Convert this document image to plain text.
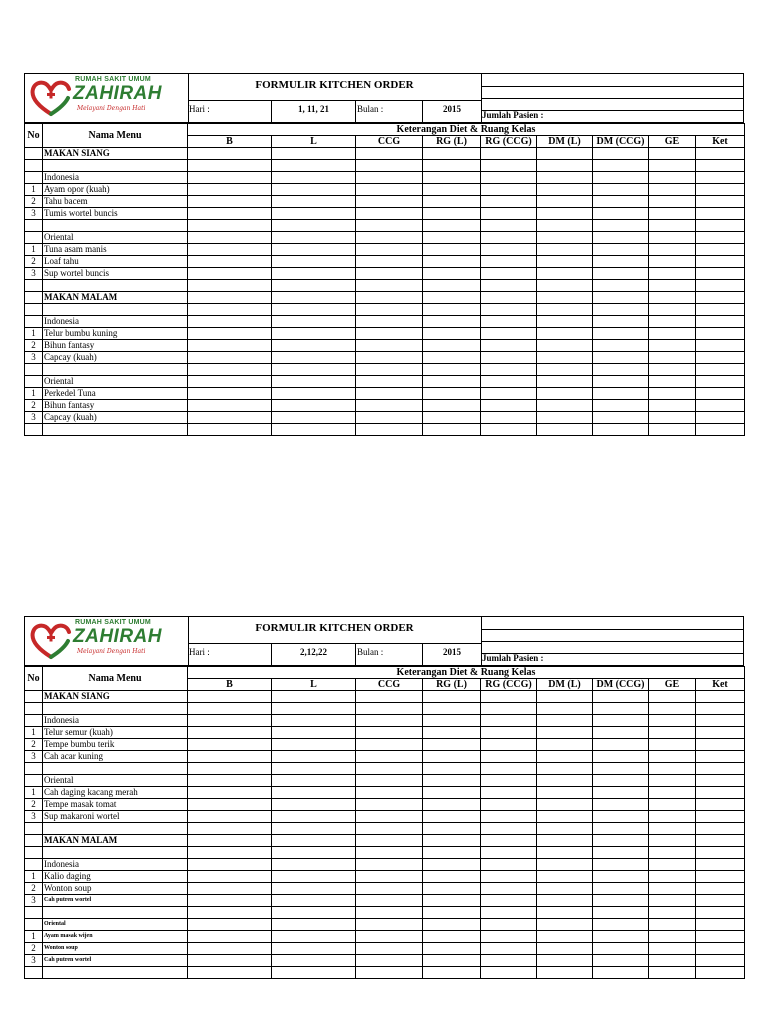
RUMAH SAKIT UMUM
ZAHIRAH
Melayani Dengan Hati
FORMULIR KITCHEN ORDER
Hari :	1, 11, 21	Bulan :	2015
Jumlah Pasien :
No	Nama Menu	Keterangan Diet & Ruang Kelas								
		B	L	CCG	RG (L)	RG (CCG)	DM (L)	DM (CCG)	GE	Ket
	MAKAN SIANG									

	Indonesia									
1	Ayam opor (kuah)									
2	Tahu bacem									
3	Tumis wortel buncis									

	Oriental									
1	Tuna asam manis									
2	Loaf tahu									
3	Sup wortel buncis									

	MAKAN MALAM									

	Indonesia									
1	Telur bumbu kuning									
2	Bihun fantasy									
3	Capcay (kuah)									

	Oriental									
1	Perkedel Tuna									
2	Bihun fantasy									
3	Capcay (kuah)									

RUMAH SAKIT UMUM
ZAHIRAH
Melayani Dengan Hati
FORMULIR KITCHEN ORDER
Hari :	2,12,22	Bulan :	2015
Jumlah Pasien :
No	Nama Menu	Keterangan Diet & Ruang Kelas								
		B	L	CCG	RG (L)	RG (CCG)	DM (L)	DM (CCG)	GE	Ket
	MAKAN SIANG									

	Indonesia									
1	Telur semur (kuah)									
2	Tempe bumbu terik									
3	Cah acar kuning									

	Oriental									
1	Cah daging kacang merah									
2	Tempe masak tomat									
3	Sup makaroni wortel									

	MAKAN MALAM									

	Indonesia									
1	Kalio daging									
2	Wonton soup									
3	Cah putren wortel									

	Oriental									
1	Ayam masak wijen									
2	Wonton soup									
3	Cah putren wortel									
